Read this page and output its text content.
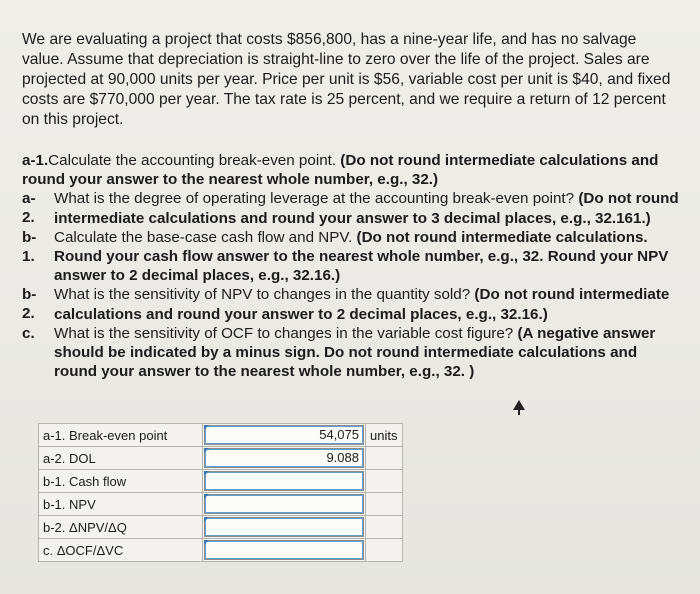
We are evaluating a project that costs $856,800, has a nine-year life, and has no salvage value. Assume that depreciation is straight-line to zero over the life of the project. Sales are projected at 90,000 units per year. Price per unit is $56, variable cost per unit is $40, and fixed costs are $770,000 per year. The tax rate is 25 percent, and we require a return of 12 percent on this project.
a-1.Calculate the accounting break-even point. (Do not round intermediate calculations and round your answer to the nearest whole number, e.g., 32.)
a-
2.
What is the degree of operating leverage at the accounting break-even point? (Do not round intermediate calculations and round your answer to 3 decimal places, e.g., 32.161.)
b-
1.
Calculate the base-case cash flow and NPV. (Do not round intermediate calculations. Round your cash flow answer to the nearest whole number, e.g., 32. Round your NPV answer to 2 decimal places, e.g., 32.16.)
b-
2.
What is the sensitivity of NPV to changes in the quantity sold? (Do not round intermediate calculations and round your answer to 2 decimal places, e.g., 32.16.)
c. What is the sensitivity of OCF to changes in the variable cost figure? (A negative answer should be indicated by a minus sign. Do not round intermediate calculations and round your answer to the nearest whole number, e.g., 32. )
a-1. Break-even point	54,075	units
a-2. DOL	9.088	

b-1. Cash flow	

b-1. NPV	

b-2. ΔNPV/ΔQ	

c. ΔOCF/ΔVC	
